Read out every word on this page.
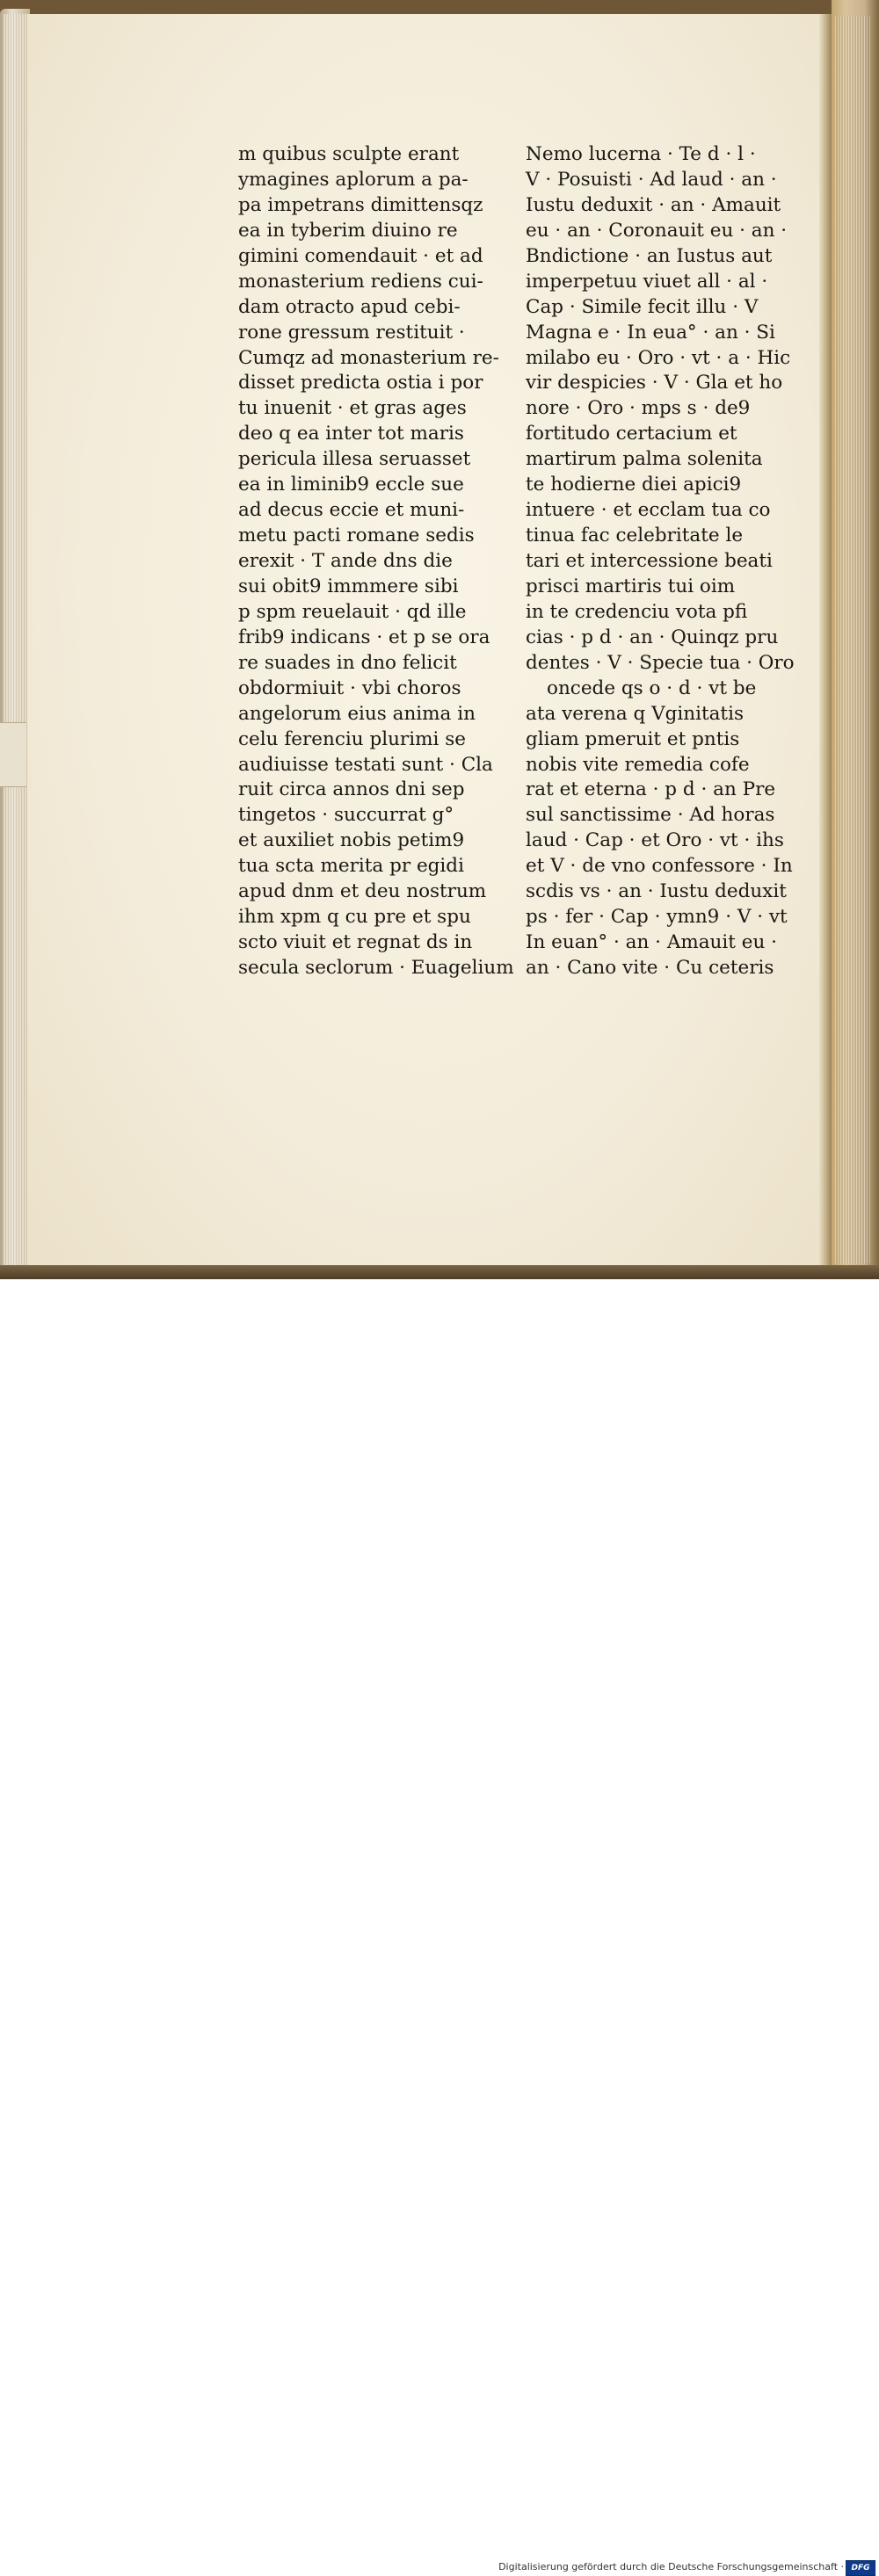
m quibus sculpte erant
ymagines aplorum a pa-
pa impetrans dimittensqz
ea in tyberim diuino re
gimini comendauit · et ad
monasterium rediens cui-
dam otracto apud cebi-
rone gressum restituit ·
Cumqz ad monasterium re-
disset predicta ostia i por
tu inuenit · et gras ages
deo q ea inter tot maris
pericula illesa seruasset
ea in liminib9 eccle sue
ad decus eccie et muni-
metu pacti romane sedis
erexit · T ande dns die
sui obit9 immmere sibi
p spm reuelauit · qd ille
frib9 indicans · et p se ora
re suades in dno felicit
obdormiuit · vbi choros
angelorum eius anima in
celu ferenciu plurimi se
audiuisse testati sunt · Cla
ruit circa annos dni sep
tingetos · succurrat g°
et auxiliet nobis petim9
tua scta merita pr egidi
apud dnm et deu nostrum
ihm xpm q cu pre et spu
scto viuit et regnat ds in
secula seclorum · Euagelium
Nemo lucerna · Te d · l ·
V · Posuisti · Ad laud · an ·
Iustu deduxit · an · Amauit
eu · an · Coronauit eu · an ·
Bndictione · an Iustus aut
imperpetuu viuet all · al ·
Cap · Simile fecit illu · V
Magna e · In eua° · an · Si
milabo eu · Oro · vt · a · Hic
vir despicies · V · Gla et ho
nore · Oro · mps s · de9
fortitudo certacium et
martirum palma solenita
te hodierne diei apici9
intuere · et ecclam tua co
tinua fac celebritate le
tari et intercessione beati
prisci martiris tui oim
in te credenciu vota pfi
cias · p d · an · Quinqz pru
dentes · V · Specie tua · Oro
oncede qs o · d · vt be
ata verena q Vginitatis
gliam pmeruit et pntis
nobis vite remedia cofe
rat et eterna · p d · an Pre
sul sanctissime · Ad horas
laud · Cap · et Oro · vt · ihs
et V · de vno confessore · In
scdis vs · an · Iustu deduxit
ps · fer · Cap · ymn9 · V · vt
In euan° · an · Amauit eu ·
an · Cano vite · Cu ceteris
Digitalisierung gefördert durch die Deutsche Forschungsgemeinschaft · DFG
